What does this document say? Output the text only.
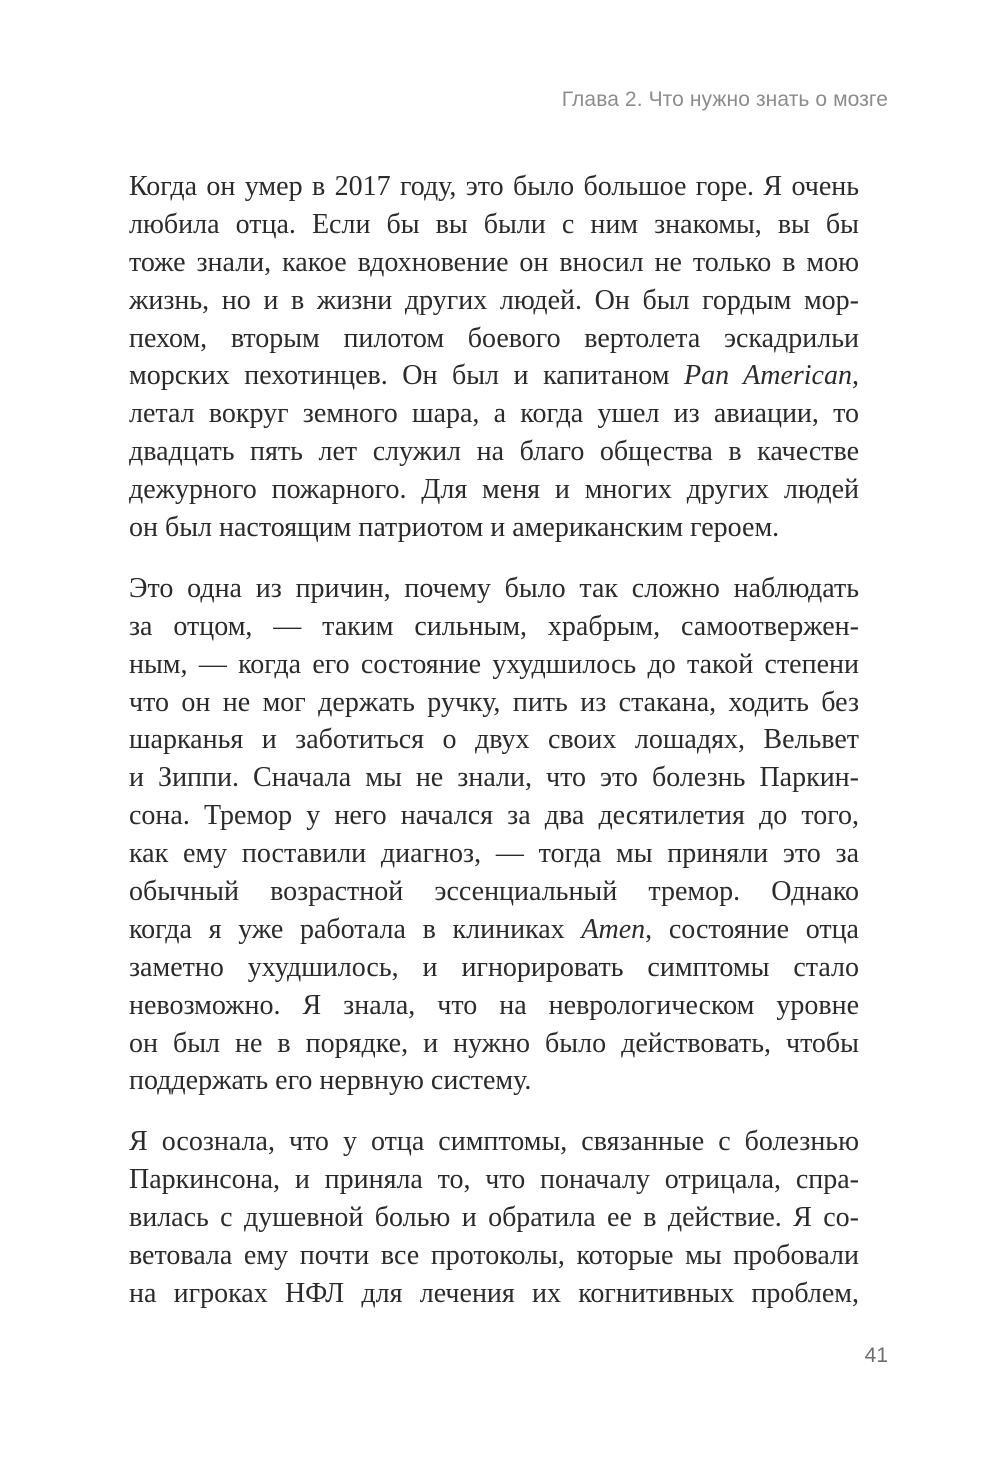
Глава 2. Что нужно знать о мозге

Когда он умер в 2017 году, это было большое горе. Я очень
любила отца. Если бы вы были с ним знакомы, вы бы
тоже знали, какое вдохновение он вносил не только в мою
жизнь, но и в жизни других людей. Он был гордым мор-
пехом, вторым пилотом боевого вертолета эскадрильи
морских пехотинцев. Он был и капитаном Pan American,
летал вокруг земного шара, а когда ушел из авиации, то
двадцать пять лет служил на благо общества в качестве
дежурного пожарного. Для меня и многих других людей
он был настоящим патриотом и американским героем.

Это одна из причин, почему было так сложно наблюдать
за отцом, — таким сильным, храбрым, самоотвержен-
ным, — когда его состояние ухудшилось до такой степени
что он не мог держать ручку, пить из стакана, ходить без
шарканья и заботиться о двух своих лошадях, Вельвет
и Зиппи. Сначала мы не знали, что это болезнь Паркин-
сона. Тремор у него начался за два десятилетия до того,
как ему поставили диагноз, — тогда мы приняли это за
обычный возрастной эссенциальный тремор. Однако
когда я уже работала в клиниках Amen, состояние отца
заметно ухудшилось, и игнорировать симптомы стало
невозможно. Я знала, что на неврологическом уровне
он был не в порядке, и нужно было действовать, чтобы
поддержать его нервную систему.

Я осознала, что у отца симптомы, связанные с болезнью
Паркинсона, и приняла то, что поначалу отрицала, спра-
вилась с душевной болью и обратила ее в действие. Я со-
ветовала ему почти все протоколы, которые мы пробовали
на игроках НФЛ для лечения их когнитивных проблем,

41
